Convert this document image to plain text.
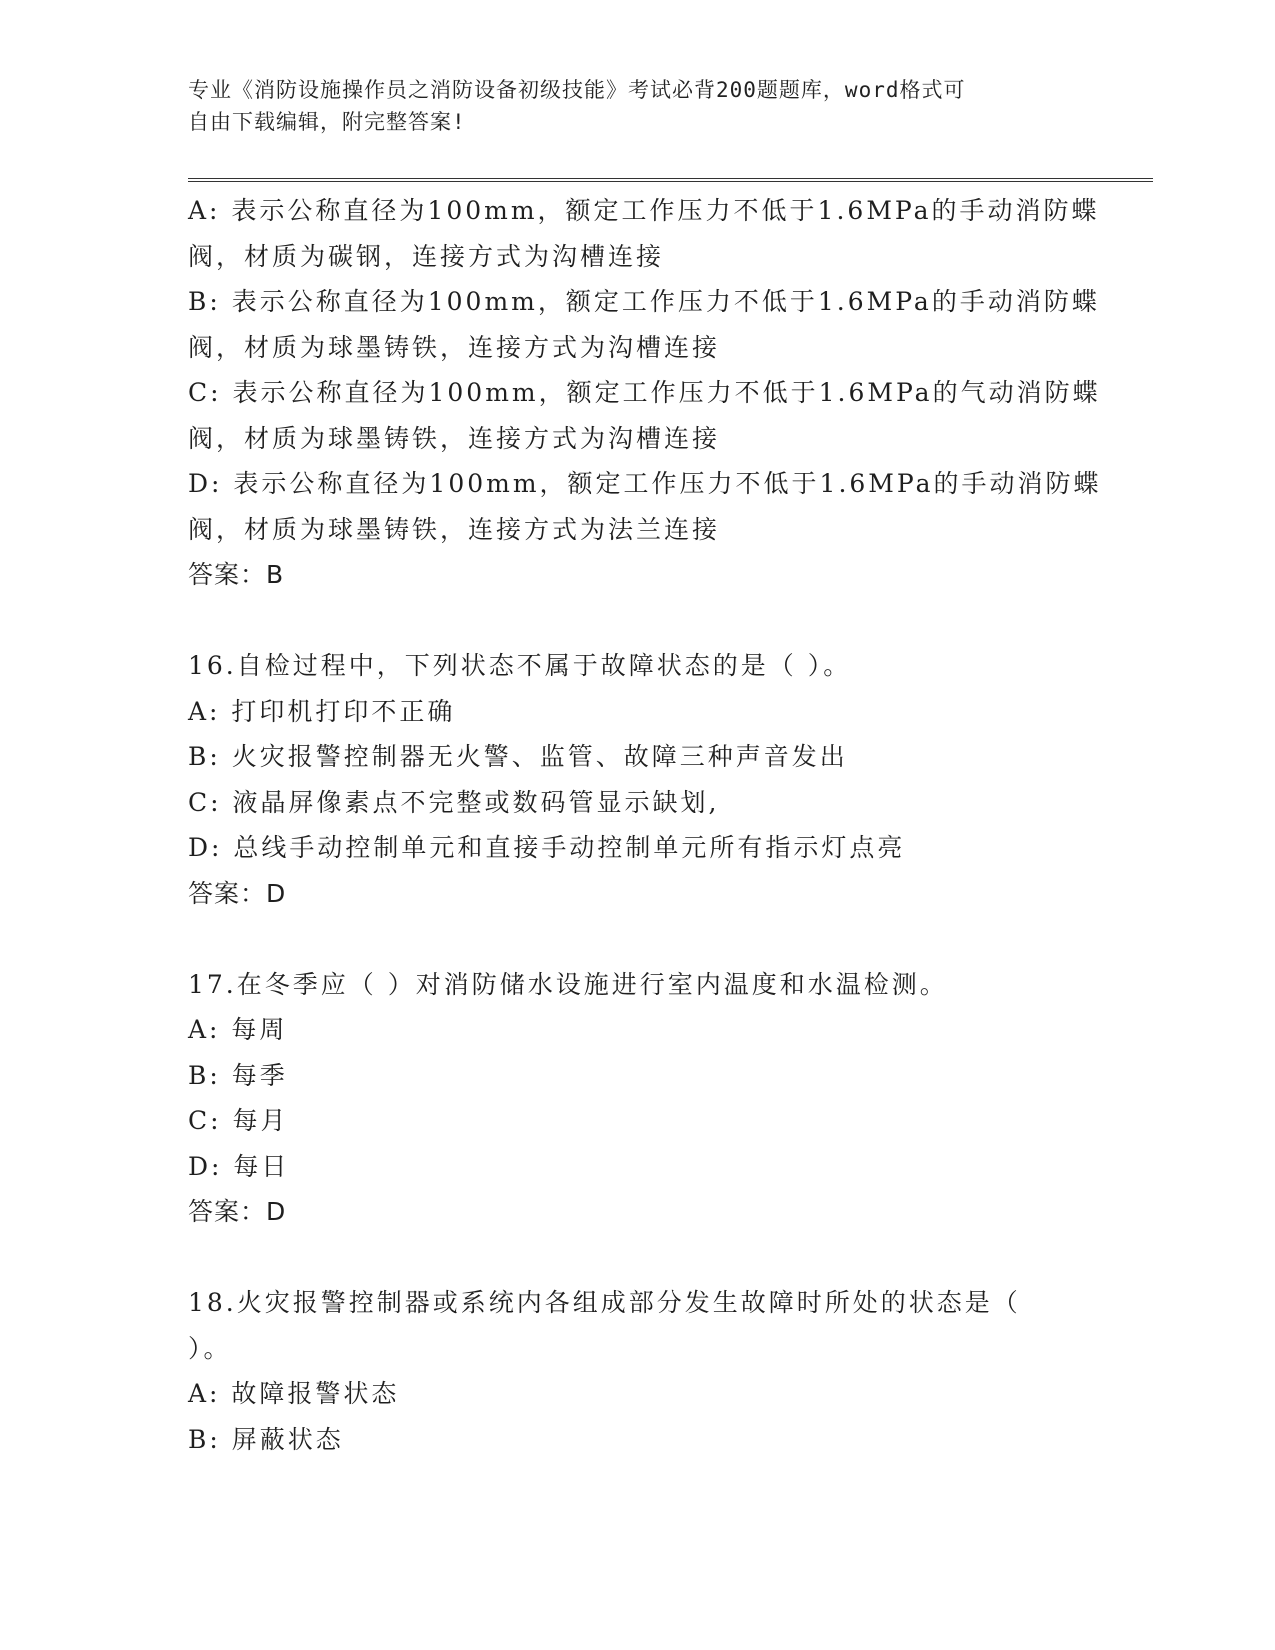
专业《消防设施操作员之消防设备初级技能》考试必背200题题库，word格式可
自由下载编辑，附完整答案!

A: 表示公称直径为100mm，额定工作压力不低于1.6MPa的手动消防蝶

阀，材质为碳钢，连接方式为沟槽连接

B: 表示公称直径为100mm，额定工作压力不低于1.6MPa的手动消防蝶

阀，材质为球墨铸铁，连接方式为沟槽连接

C: 表示公称直径为100mm，额定工作压力不低于1.6MPa的气动消防蝶

阀，材质为球墨铸铁，连接方式为沟槽连接

D: 表示公称直径为100mm，额定工作压力不低于1.6MPa的手动消防蝶

阀，材质为球墨铸铁，连接方式为法兰连接

答案：B

16.自检过程中，下列状态不属于故障状态的是（ ）。

A: 打印机打印不正确

B: 火灾报警控制器无火警、监管、故障三种声音发出

C: 液晶屏像素点不完整或数码管显示缺划,

D: 总线手动控制单元和直接手动控制单元所有指示灯点亮

答案：D

17.在冬季应（ ）对消防储水设施进行室内温度和水温检测。

A: 每周

B: 每季

C: 每月

D: 每日

答案：D

18.火灾报警控制器或系统内各组成部分发生故障时所处的状态是（

）。

A: 故障报警状态

B: 屏蔽状态
